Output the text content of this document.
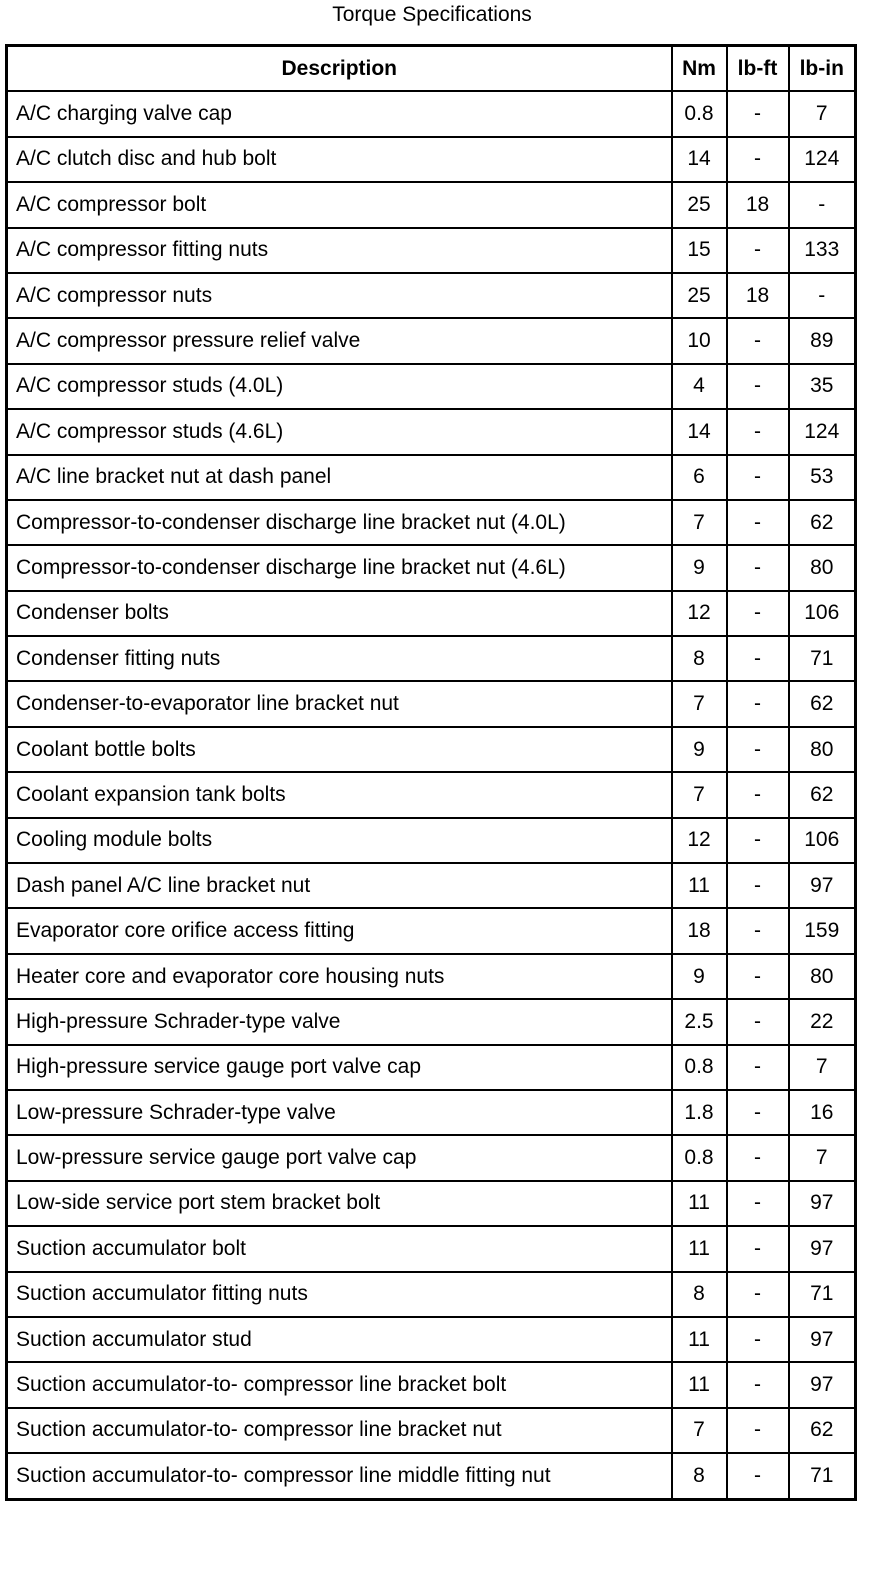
Torque Specifications
Description	Nm	lb-ft	lb-in
A/C charging valve cap	0.8	-	7
A/C clutch disc and hub bolt	14	-	124
A/C compressor bolt	25	18	-
A/C compressor fitting nuts	15	-	133
A/C compressor nuts	25	18	-
A/C compressor pressure relief valve	10	-	89
A/C compressor studs (4.0L)	4	-	35
A/C compressor studs (4.6L)	14	-	124
A/C line bracket nut at dash panel	6	-	53
Compressor-to-condenser discharge line bracket nut (4.0L)	7	-	62
Compressor-to-condenser discharge line bracket nut (4.6L)	9	-	80
Condenser bolts	12	-	106
Condenser fitting nuts	8	-	71
Condenser-to-evaporator line bracket nut	7	-	62
Coolant bottle bolts	9	-	80
Coolant expansion tank bolts	7	-	62
Cooling module bolts	12	-	106
Dash panel A/C line bracket nut	11	-	97
Evaporator core orifice access fitting	18	-	159
Heater core and evaporator core housing nuts	9	-	80
High-pressure Schrader-type valve	2.5	-	22
High-pressure service gauge port valve cap	0.8	-	7
Low-pressure Schrader-type valve	1.8	-	16
Low-pressure service gauge port valve cap	0.8	-	7
Low-side service port stem bracket bolt	11	-	97
Suction accumulator bolt	11	-	97
Suction accumulator fitting nuts	8	-	71
Suction accumulator stud	11	-	97
Suction accumulator-to- compressor line bracket bolt	11	-	97
Suction accumulator-to- compressor line bracket nut	7	-	62
Suction accumulator-to- compressor line middle fitting nut	8	-	71
